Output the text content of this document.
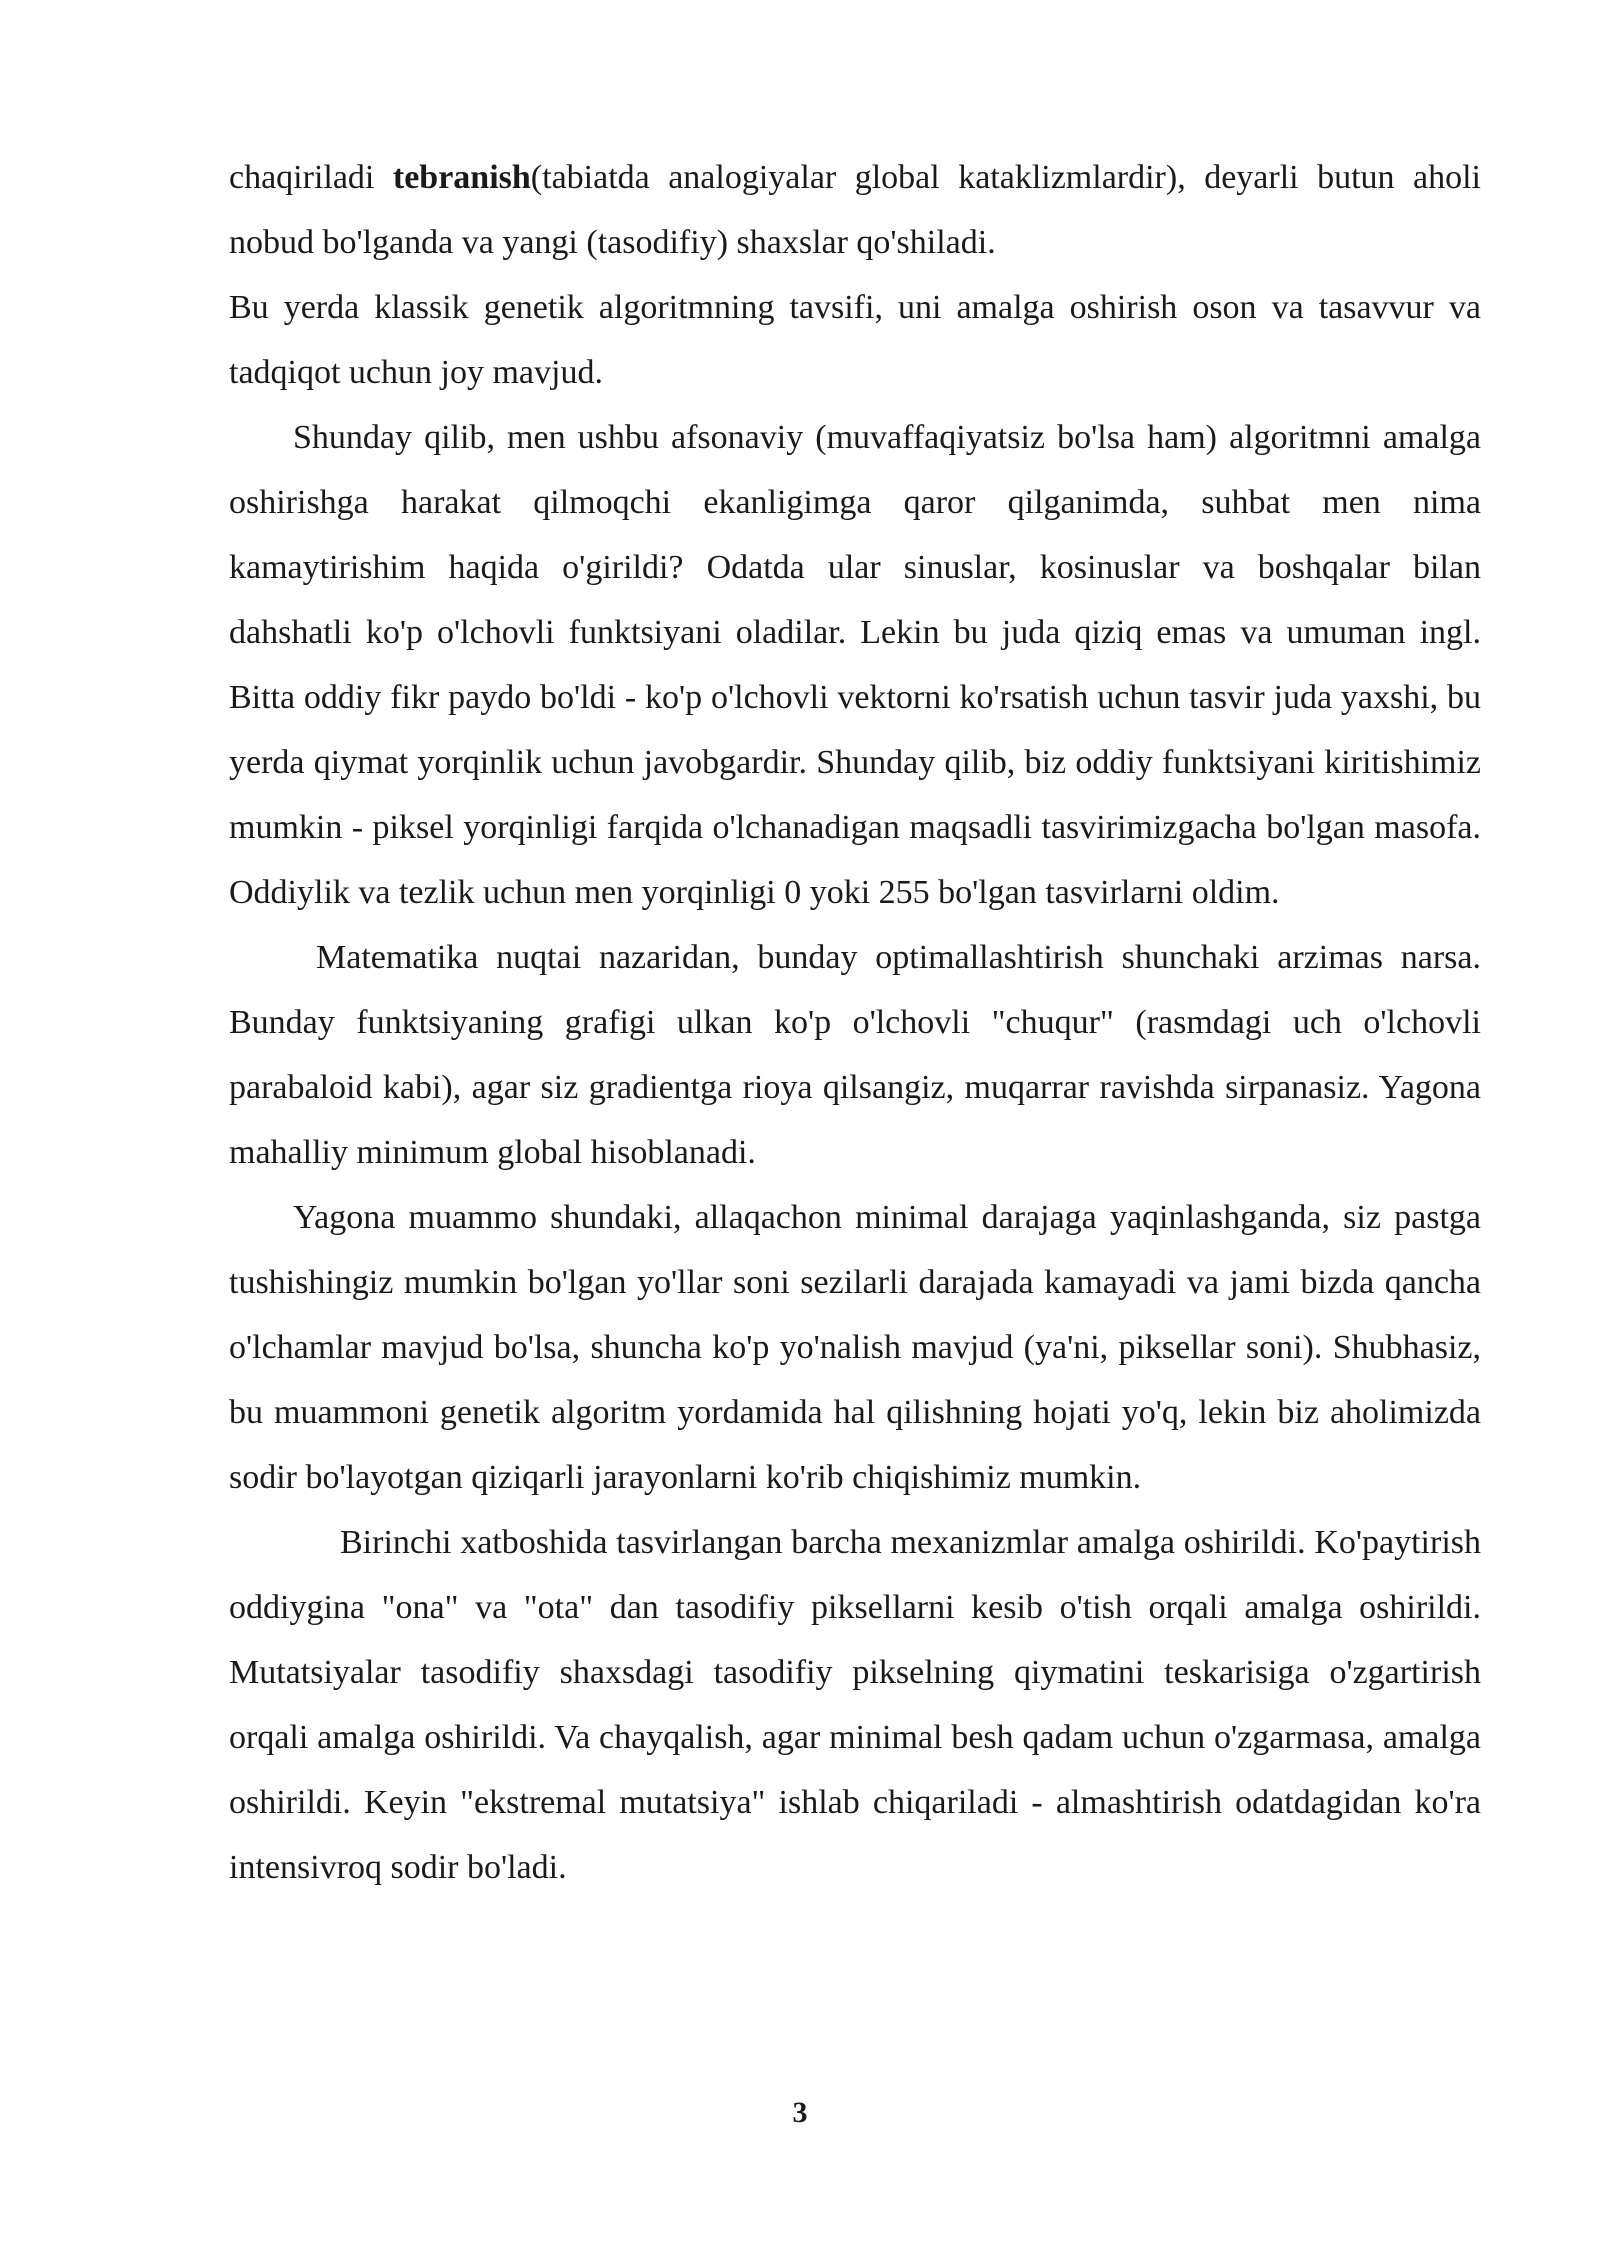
chaqiriladi tebranish(tabiatda analogiyalar global kataklizmlardir), deyarli butun aholi nobud bo'lganda va yangi (tasodifiy) shaxslar qo'shiladi.

Bu yerda klassik genetik algoritmning tavsifi, uni amalga oshirish oson va tasavvur va tadqiqot uchun joy mavjud.

Shunday qilib, men ushbu afsonaviy (muvaffaqiyatsiz bo'lsa ham) algoritmni amalga oshirishga harakat qilmoqchi ekanligimga qaror qilganimda, suhbat men nima kamaytirishim haqida o'girildi? Odatda ular sinuslar, kosinuslar va boshqalar bilan dahshatli ko'p o'lchovli funktsiyani oladilar. Lekin bu juda qiziq emas va umuman ingl. Bitta oddiy fikr paydo bo'ldi - ko'p o'lchovli vektorni ko'rsatish uchun tasvir juda yaxshi, bu yerda qiymat yorqinlik uchun javobgardir. Shunday qilib, biz oddiy funktsiyani kiritishimiz mumkin - piksel yorqinligi farqida o'lchanadigan maqsadli tasvirimizgacha bo'lgan masofa. Oddiylik va tezlik uchun men yorqinligi 0 yoki 255 bo'lgan tasvirlarni oldim.

Matematika nuqtai nazaridan, bunday optimallashtirish shunchaki arzimas narsa. Bunday funktsiyaning grafigi ulkan ko'p o'lchovli "chuqur" (rasmdagi uch o'lchovli parabaloid kabi), agar siz gradientga rioya qilsangiz, muqarrar ravishda sirpanasiz. Yagona mahalliy minimum global hisoblanadi.

Yagona muammo shundaki, allaqachon minimal darajaga yaqinlashganda, siz pastga tushishingiz mumkin bo'lgan yo'llar soni sezilarli darajada kamayadi va jami bizda qancha o'lchamlar mavjud bo'lsa, shuncha ko'p yo'nalish mavjud (ya'ni, piksellar soni). Shubhasiz, bu muammoni genetik algoritm yordamida hal qilishning hojati yo'q, lekin biz aholimizda sodir bo'layotgan qiziqarli jarayonlarni ko'rib chiqishimiz mumkin.

Birinchi xatboshida tasvirlangan barcha mexanizmlar amalga oshirildi. Ko'paytirish oddiygina "ona" va "ota" dan tasodifiy piksellarni kesib o'tish orqali amalga oshirildi. Mutatsiyalar tasodifiy shaxsdagi tasodifiy pikselning qiymatini teskarisiga o'zgartirish orqali amalga oshirildi. Va chayqalish, agar minimal besh qadam uchun o'zgarmasa, amalga oshirildi. Keyin "ekstremal mutatsiya" ishlab chiqariladi - almashtirish odatdagidan ko'ra intensivroq sodir bo'ladi.

3
